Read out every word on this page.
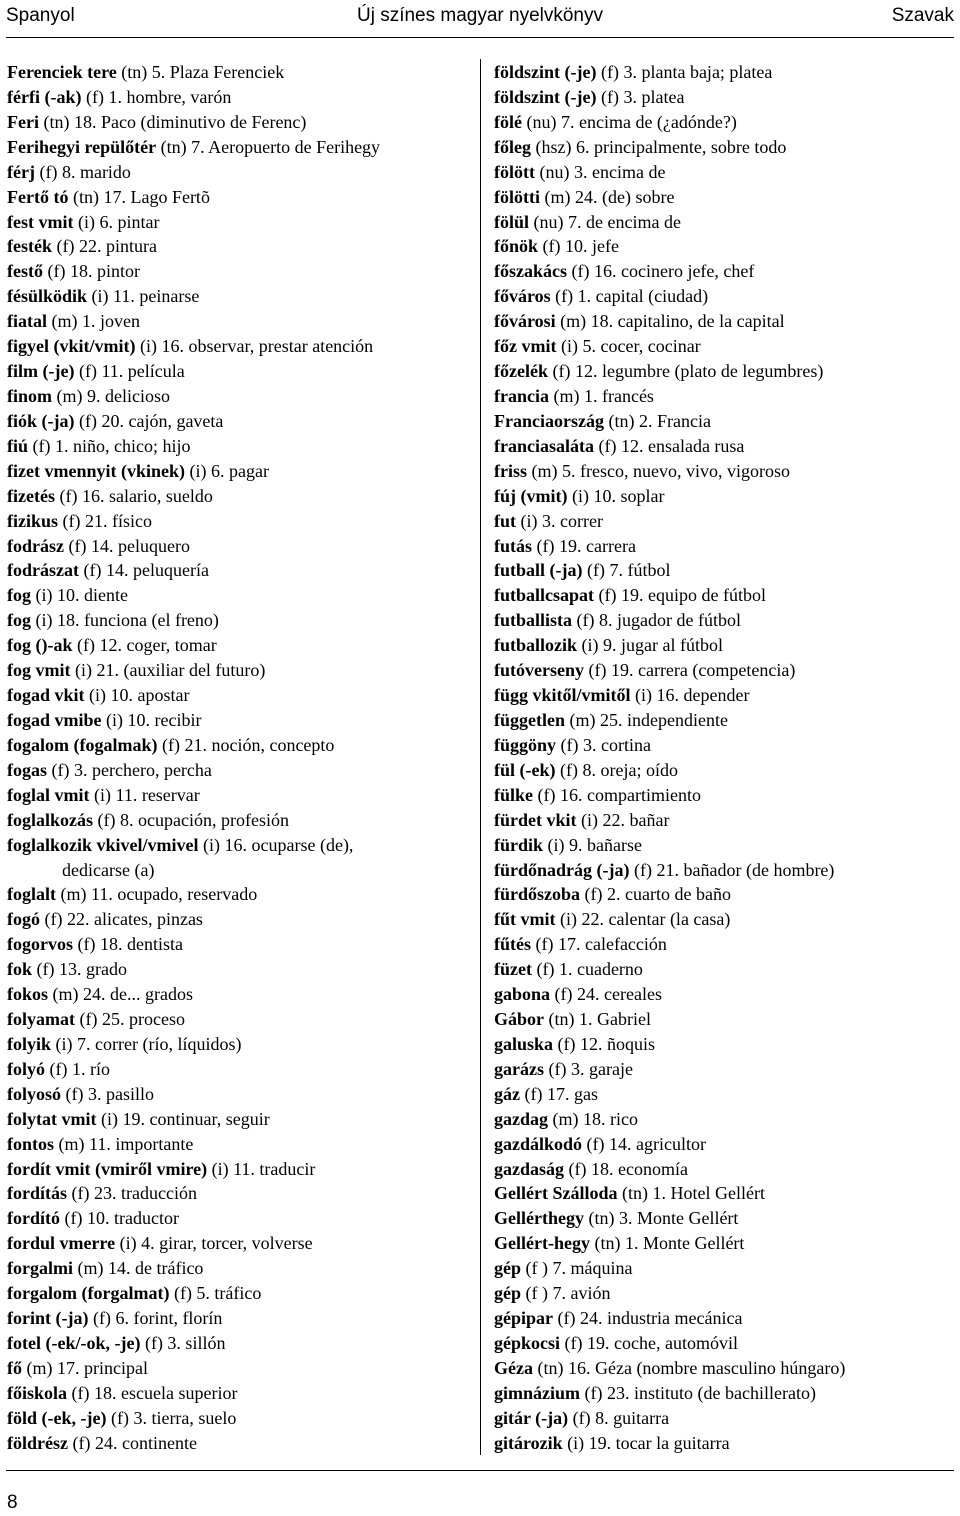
Spanyol	Új színes magyar nyelvkönyv	Szavak
Ferenciek tere (tn) 5. Plaza Ferenciek
férfi (-ak) (f) 1. hombre, varón
Feri (tn) 18. Paco (diminutivo de Ferenc)
Ferihegyi repülőtér (tn) 7. Aeropuerto de Ferihegy
férj (f) 8. marido
Fertő tó (tn) 17. Lago Fertõ
fest vmit (i) 6. pintar
festék (f) 22. pintura
festő (f) 18. pintor
fésülködik (i) 11. peinarse
fiatal (m) 1. joven
figyel (vkit/vmit) (i) 16. observar, prestar atención
film (-je) (f) 11. película
finom (m) 9. delicioso
fiók (-ja) (f) 20. cajón, gaveta
fiú (f) 1. niño, chico; hijo
fizet vmennyit (vkinek) (i) 6. pagar
fizetés (f) 16. salario, sueldo
fizikus (f) 21. físico
fodrász (f) 14. peluquero
fodrászat (f) 14. peluquería
fog (i) 10. diente
fog (i) 18. funciona (el freno)
fog ()-ak (f) 12. coger, tomar
fog vmit (i) 21. (auxiliar del futuro)
fogad vkit (i) 10. apostar
fogad vmibe (i) 10. recibir
fogalom (fogalmak) (f) 21. noción, concepto
fogas (f) 3. perchero, percha
foglal vmit (i) 11. reservar
foglalkozás (f) 8. ocupación, profesión
foglalkozik vkivel/vmivel (i) 16. ocuparse (de),
dedicarse (a)
foglalt (m) 11. ocupado, reservado
fogó (f) 22. alicates, pinzas
fogorvos (f) 18. dentista
fok (f) 13. grado
fokos (m) 24. de... grados
folyamat (f) 25. proceso
folyik (i) 7. correr (río, líquidos)
folyó (f) 1. río
folyosó (f) 3. pasillo
folytat vmit (i) 19. continuar, seguir
fontos (m) 11. importante
fordít vmit (vmiről vmire) (i) 11. traducir
fordítás (f) 23. traducción
fordító (f) 10. traductor
fordul vmerre (i) 4. girar, torcer, volverse
forgalmi (m) 14. de tráfico
forgalom (forgalmat) (f) 5. tráfico
forint (-ja) (f) 6. forint, florín
fotel (-ek/-ok, -je) (f) 3. sillón
fő (m) 17. principal
főiskola (f) 18. escuela superior
föld (-ek, -je) (f) 3. tierra, suelo
földrész (f) 24. continente
földszint (-je) (f) 3. planta baja; platea
földszint (-je) (f) 3. platea
fölé (nu) 7. encima de (¿adónde?)
főleg (hsz) 6. principalmente, sobre todo
fölött (nu) 3. encima de
fölötti (m) 24. (de) sobre
fölül (nu) 7. de encima de
főnök (f) 10. jefe
főszakács (f) 16. cocinero jefe, chef
főváros (f) 1. capital (ciudad)
fővárosi (m) 18. capitalino, de la capital
főz vmit (i) 5. cocer, cocinar
főzelék (f) 12. legumbre (plato de legumbres)
francia (m) 1. francés
Franciaország (tn) 2. Francia
franciasaláta (f) 12. ensalada rusa
friss (m) 5. fresco, nuevo, vivo, vigoroso
fúj (vmit) (i) 10. soplar
fut (i) 3. correr
futás (f) 19. carrera
futball (-ja) (f) 7. fútbol
futballcsapat (f) 19. equipo de fútbol
futballista (f) 8. jugador de fútbol
futballozik (i) 9. jugar al fútbol
futóverseny (f) 19. carrera (competencia)
függ vkitől/vmitől (i) 16. depender
független (m) 25. independiente
függöny (f) 3. cortina
fül (-ek) (f) 8. oreja; oído
fülke (f) 16. compartimiento
fürdet vkit (i) 22. bañar
fürdik (i) 9. bañarse
fürdőnadrág (-ja) (f) 21. bañador (de hombre)
fürdőszoba (f) 2. cuarto de baño
fűt vmit (i) 22. calentar (la casa)
fűtés (f) 17. calefacción
füzet (f) 1. cuaderno
gabona (f) 24. cereales
Gábor (tn) 1. Gabriel
galuska (f) 12. ñoquis
garázs (f) 3. garaje
gáz (f) 17. gas
gazdag (m) 18. rico
gazdálkodó (f) 14. agricultor
gazdaság (f) 18. economía
Gellért Szálloda (tn) 1. Hotel Gellért
Gellérthegy (tn) 3. Monte Gellért
Gellért-hegy (tn) 1. Monte Gellért
gép (f ) 7. máquina
gép (f ) 7. avión
gépipar (f) 24. industria mecánica
gépkocsi (f) 19. coche, automóvil
Géza (tn) 16. Géza (nombre masculino húngaro)
gimnázium (f) 23. instituto (de bachillerato)
gitár (-ja) (f) 8. guitarra
gitározik (i) 19. tocar la guitarra
8
